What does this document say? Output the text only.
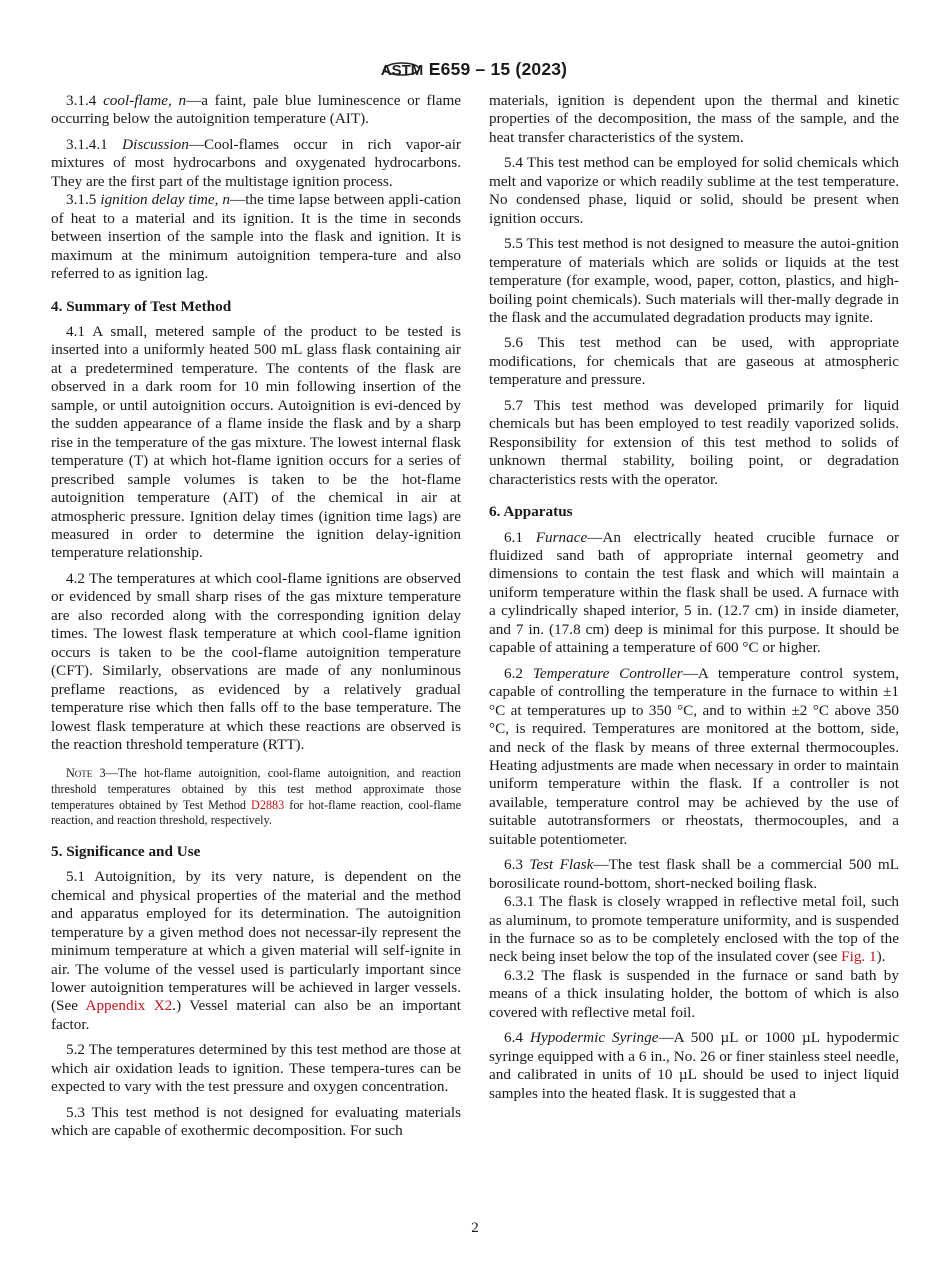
ASTM E659 – 15 (2023)
3.1.4 cool-flame, n—a faint, pale blue luminescence or flame occurring below the autoignition temperature (AIT).
3.1.4.1 Discussion—Cool-flames occur in rich vapor-air mixtures of most hydrocarbons and oxygenated hydrocarbons. They are the first part of the multistage ignition process.
3.1.5 ignition delay time, n—the time lapse between appli-cation of heat to a material and its ignition. It is the time in seconds between insertion of the sample into the flask and ignition. It is maximum at the minimum autoignition tempera-ture and also referred to as ignition lag.
4. Summary of Test Method
4.1 A small, metered sample of the product to be tested is inserted into a uniformly heated 500 mL glass flask containing air at a predetermined temperature. The contents of the flask are observed in a dark room for 10 min following insertion of the sample, or until autoignition occurs. Autoignition is evi-denced by the sudden appearance of a flame inside the flask and by a sharp rise in the temperature of the gas mixture. The lowest internal flask temperature (T) at which hot-flame ignition occurs for a series of prescribed sample volumes is taken to be the hot-flame autoignition temperature (AIT) of the chemical in air at atmospheric pressure. Ignition delay times (ignition time lags) are measured in order to determine the ignition delay-ignition temperature relationship.
4.2 The temperatures at which cool-flame ignitions are observed or evidenced by small sharp rises of the gas mixture temperature are also recorded along with the corresponding ignition delay times. The lowest flask temperature at which cool-flame ignition occurs is taken to be the cool-flame autoignition temperature (CFT). Similarly, observations are made of any nonluminous preflame reactions, as evidenced by a relatively gradual temperature rise which then falls off to the base temperature. The lowest flask temperature at which these reactions are observed is the reaction threshold temperature (RTT).
Note 3—The hot-flame autoignition, cool-flame autoignition, and reaction threshold temperatures obtained by this test method approximate those temperatures obtained by Test Method D2883 for hot-flame reaction, cool-flame reaction, and reaction threshold, respectively.
5. Significance and Use
5.1 Autoignition, by its very nature, is dependent on the chemical and physical properties of the material and the method and apparatus employed for its determination. The autoignition temperature by a given method does not necessar-ily represent the minimum temperature at which a given material will self-ignite in air. The volume of the vessel used is particularly important since lower autoignition temperatures will be achieved in larger vessels. (See Appendix X2.) Vessel material can also be an important factor.
5.2 The temperatures determined by this test method are those at which air oxidation leads to ignition. These tempera-tures can be expected to vary with the test pressure and oxygen concentration.
5.3 This test method is not designed for evaluating materials which are capable of exothermic decomposition. For such
materials, ignition is dependent upon the thermal and kinetic properties of the decomposition, the mass of the sample, and the heat transfer characteristics of the system.
5.4 This test method can be employed for solid chemicals which melt and vaporize or which readily sublime at the test temperature. No condensed phase, liquid or solid, should be present when ignition occurs.
5.5 This test method is not designed to measure the autoi-gnition temperature of materials which are solids or liquids at the test temperature (for example, wood, paper, cotton, plastics, and high-boiling point chemicals). Such materials will ther-mally degrade in the flask and the accumulated degradation products may ignite.
5.6 This test method can be used, with appropriate modifications, for chemicals that are gaseous at atmospheric temperature and pressure.
5.7 This test method was developed primarily for liquid chemicals but has been employed to test readily vaporized solids. Responsibility for extension of this test method to solids of unknown thermal stability, boiling point, or degradation characteristics rests with the operator.
6. Apparatus
6.1 Furnace—An electrically heated crucible furnace or fluidized sand bath of appropriate internal geometry and dimensions to contain the test flask and which will maintain a uniform temperature within the flask shall be used. A furnace with a cylindrically shaped interior, 5 in. (12.7 cm) in inside diameter, and 7 in. (17.8 cm) deep is minimal for this purpose. It should be capable of attaining a temperature of 600 °C or higher.
6.2 Temperature Controller—A temperature control system, capable of controlling the temperature in the furnace to within ±1 °C at temperatures up to 350 °C, and to within ±2 °C above 350 °C, is required. Temperatures are monitored at the bottom, side, and neck of the flask by means of three external thermocouples. Heating adjustments are made when necessary in order to maintain uniform temperature within the flask. If a controller is not available, temperature control may be achieved by the use of suitable autotransformers or rheostats, thermocouples, and a suitable potentiometer.
6.3 Test Flask—The test flask shall be a commercial 500 mL borosilicate round-bottom, short-necked boiling flask.
6.3.1 The flask is closely wrapped in reflective metal foil, such as aluminum, to promote temperature uniformity, and is suspended in the furnace so as to be completely enclosed with the top of the neck being inset below the top of the insulated cover (see Fig. 1).
6.3.2 The flask is suspended in the furnace or sand bath by means of a thick insulating holder, the bottom of which is also covered with reflective metal foil.
6.4 Hypodermic Syringe—A 500 µL or 1000 µL hypodermic syringe equipped with a 6 in., No. 26 or finer stainless steel needle, and calibrated in units of 10 µL should be used to inject liquid samples into the heated flask. It is suggested that a
2
